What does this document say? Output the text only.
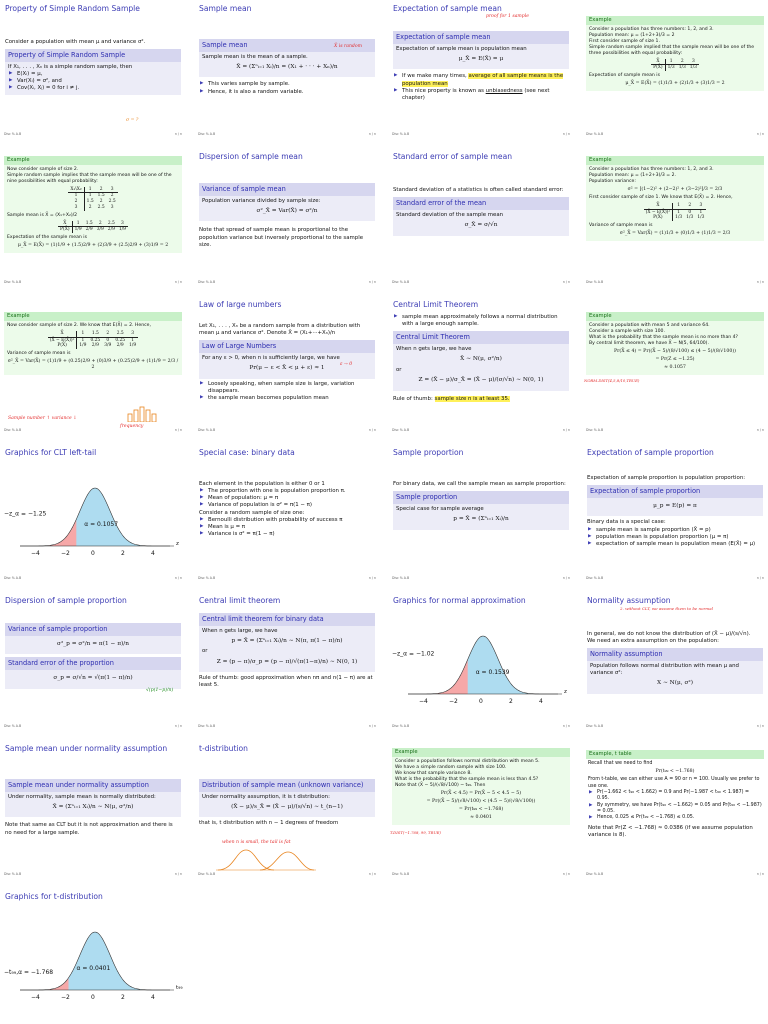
Property of Simple Random Sample
Consider a population with mean μ and variance σ².
Property of Simple Random Sample
If X₁, . . . , Xₙ is a simple random sample, then
▶ E(Xᵢ) = μ,
▶ Var(Xᵢ) = σ², and
▶ Cov(Xᵢ, Xⱼ) = 0 for i ≠ j.
σ = ?
Disc % A.B	n / n
Sample mean
Sample mean
Sample mean is the mean of a sample.
X̄ = (Σⁿᵢ₌₁ Xᵢ)/n = (X₁ + · · · + Xₙ)/n
▶ This varies sample by sample.
▶ Hence, it is also a random variable.
X̄ is random
Disc % A.B	n / n
Expectation of sample mean
Expectation of sample mean
Expectation of sample mean is population mean
μ_X̄ = E(X̄) = μ
▶ If we make many times, average of all sample means is the population mean
▶ This nice property is known as unbiasedness (see next chapter)
proof for 1 sample
Disc % A.B	n / n
Example
Consider a population has three numbers: 1, 2, and 3.
Population mean: μ = (1+2+3)/3 = 2
First consider sample of size 1.
Simple random sample implied that the sample mean will be one of the three possibilities with equal probability:
X̄	1	2	3
P(X̄)	1/3	1/3	1/3
Expectation of sample mean is
μ_X̄ = E(X̄) = (1)1/3 + (2)1/3 + (3)1/3 = 2
Disc % A.B	n / n
Example
Now consider sample of size 2.
Simple random sample implies that the sample mean will be one of the nine possibilities with equal probability:
X₁\X₂	1	2	3
1	1	1.5	2
2	1.5	2	2.5
3	2	2.5	3
Sample mean is X̄ = (X₁+X₂)/2
X̄	1	1.5	2	2.5	3
P(X̄)	1/9	2/9	3/9	2/9	1/9
Expectation of the sample mean is
μ_X̄ = E(X̄) = (1)1/9 + (1.5)2/9 + (2)3/9 + (2.5)2/9 + (3)1/9 = 2
Disc % A.B	n / n
Dispersion of sample mean
Variance of sample mean
Population variance divided by sample size:
σ²_X̄ = Var(X̄) = σ²/n
Note that spread of sample mean is proportional to the popolution variance but inversely proportional to the sample size.
Disc % A.B	n / n
Standard error of sample mean
Standard deviation of a statistics is often called standard error:
Standard error of the mean
Standard deviation of the sample mean
σ_X̄ = σ/√n
Disc % A.B	n / n
Example
Consider a population has three numbers: 1, 2, and 3.
Population mean: μ = (1+2+3)/3 = 2.
Population variance:
σ² = [(1−2)² + (2−2)² + (3−2)²]/3 = 2/3
First consider sample of size 1. We know that E(X̄) = 2. Hence,
X̄	1	2	3
(X̄ − E(X̄))²	1	0	1
P(X̄)	1/3	1/3	1/3
Variance of sample mean is
σ²_X̄ = Var(X̄) = (1)1/3 + (0)1/3 + (1)1/3 = 2/3
Disc % A.B	n / n
Example
Now consider sample of size 2. We know that E(X̄) = 2. Hence,
X̄	1	1.5	2	2.5	3
(X̄ − E(X̄))²	1	0.25	0	0.25	1
P(X̄)	1/9	2/9	3/9	2/9	1/9
Variance of sample mean is
σ²_X̄ = Var(X̄) = (1)1/9 + (0.25)2/9 + (0)3/9 + (0.25)2/9 + (1)1/9 = 2/3 / 2
Sample number ↑ variance ↓
frequency
Disc % A.B	n / n
Law of large numbers
Let X₁, . . . , Xₙ be a random sample from a distribution with mean μ and variance σ². Denote X̄ = (X₁+···+Xₙ)/n
Law of Large Numbers
For any ε > 0, when n is sufficiently large, we have
Pr(μ − ε < X̄ < μ + ε) ≈ 1
▶ Loosely speaking, when sample size is large, variation disappears.
▶ the sample mean becomes population mean
ε → 0
Disc % A.B	n / n
Central Limit Theorem
▶ sample mean approximately follows a normal distribution with a large enough sample.
Central Limit Theorem
When n gets large, we have
X̄ ∼ N(μ, σ²/n)
or
Z = (X̄ − μ)/σ_X̄ = (X̄ − μ)/(σ/√n) ∼ N(0, 1)
Rule of thumb: sample size n is at least 35.
Disc % A.B	n / n
Example
Consider a population with mean 5 and variance 64.
Consider a sample with size 100.
What is the probability that the sample mean is no more than 4?
By central limit theorem, we have X̄ ∼ N(5, 64/100).
Pr(X̄ ≤ 4) = Pr((X̄ − 5)/(8/√100) ≤ (4 − 5)/(8/√100))
= Pr(Z ≤ −1.25)
≈ 0.1057
NORM.DIST(4,5,8/10,TRUE)
Disc % A.B	n / n
Graphics for CLT left-tail
−z_α = −1.25
α = 0.1057
z
−4	−2	0	2	4
Disc % A.B	n / n
Special case: binary data
Each element in the population is either 0 or 1
▶ The proportion with one is population proportion π.
▶ Mean of population: μ = π
▶ Variance of population is σ² = π(1 − π)
Consider a random sample of size one:
▶ Bernoulli distribution with probability of success π
▶ Mean is μ = π
▶ Variance is σ² = π(1 − π)
Disc % A.B	n / n
Sample proportion
For binary data, we call the sample mean as sample proportion:
Sample proportion
Special case for sample average
p = X̄ = (Σⁿᵢ₌₁ Xᵢ)/n
Disc % A.B	n / n
Expectation of sample proportion
Expectation of sample proportion is population proportion:
Expectation of sample proportion
μ_p = E(p) = π
Binary data is a special case:
▶ sample mean is sample proportion (X̄ = p)
▶ population mean is population proportion (μ = π)
▶ expectation of sample mean is population mean (E(X̄) = μ)
Disc % A.B	n / n
Dispersion of sample proportion
Variance of sample proportion
σ²_p = σ²/n = π(1 − π)/n
Standard error of the proportion
σ_p = σ/√n = √(π(1 − π)/n)
√(p(1−p)/n)
Disc % A.B	n / n
Central limit theorem
Central limit theorem for binary data
When n gets large, we have
p = X̄ = (Σⁿᵢ₌₁ Xᵢ)/n ∼ N(π, π(1 − π)/n)
or
Z = (p − π)/σ_p = (p − π)/√(π(1−π)/n) ∼ N(0, 1)
Rule of thumb: good approximation when nπ and n(1 − π) are at least 5.
Disc % A.B	n / n
Graphics for normal approximation
−z_α = −1.02
α = 0.1539
z
−4	−2	0	2	4
Disc % A.B	n / n
Normality assumption
In general, we do not know the distribution of (X̄ − μ)/(s/√n).
We need an extra assumption on the population:
Normality assumption
Population follows normal distribution with mean μ and variance σ²:
X ∼ N(μ, σ²)
2. without CLT, we assume them to be normal
Disc % A.B	n / n
Sample mean under normality assumption
Sample mean under normality assumption
Under normality, sample mean is normally distributed:
X̄ = (Σⁿᵢ₌₁ Xᵢ)/n ∼ N(μ, σ²/n)
Note that same as CLT but it is not approximation and there is no need for a large sample.
Disc % A.B	n / n
t-distribution
Distribution of sample mean (unknown variance)
Under normality assumption, it is t distribution:
(X̄ − μ)/s_X̄ = (X̄ − μ)/(s/√n) ∼ t_(n−1)
that is, t distribution with n − 1 degrees of freedom
when n is small, the tail is fat
Disc % A.B	n / n
Example
Consider a population follows normal distribution with mean 5.
We have a simple random sample with size 100.
We know that sample variance 8.
What is the probability that the sample mean is less than 4.5?
Note that (X̄ − 5)/(√8/√100) ∼ t₉₉. Then
Pr(X̄ < 4.5) = Pr(X̄ − 5 < 4.5 − 5)
= Pr((X̄ − 5)/(√8/√100) < (4.5 − 5)/(√8/√100))
= Pr(t₉₉ < −1.768)
≈ 0.0401
T.DIST(−1.768, 99, TRUE)
Disc % A.B	n / n
Example, t table
Recall that we need to find
Pr(t₉₉ < −1.768)
From t-table, we can either use A = 90 or n = 100. Usually we prefer to use one.
▶ Pr(−1.662 < t₉₀ < 1.662) = 0.9 and Pr(−1.987 < t₉₀ < 1.987) = 0.95.
▶ By symmetry, we have Pr(t₉₀ < −1.662) = 0.05 and Pr(t₉₀ < −1.987) = 0.05.
▶ Hence, 0.025 ≤ Pr(t₉₉ < −1.768) ≤ 0.05.
Note that Pr(Z < −1.768) ≈ 0.0386 (if we assume population variance is 8).
Disc % A.B	n / n
Graphics for t-distribution
−t₉₉,α = −1.768
α = 0.0401
t₉₉
−4	−2	0	2	4
